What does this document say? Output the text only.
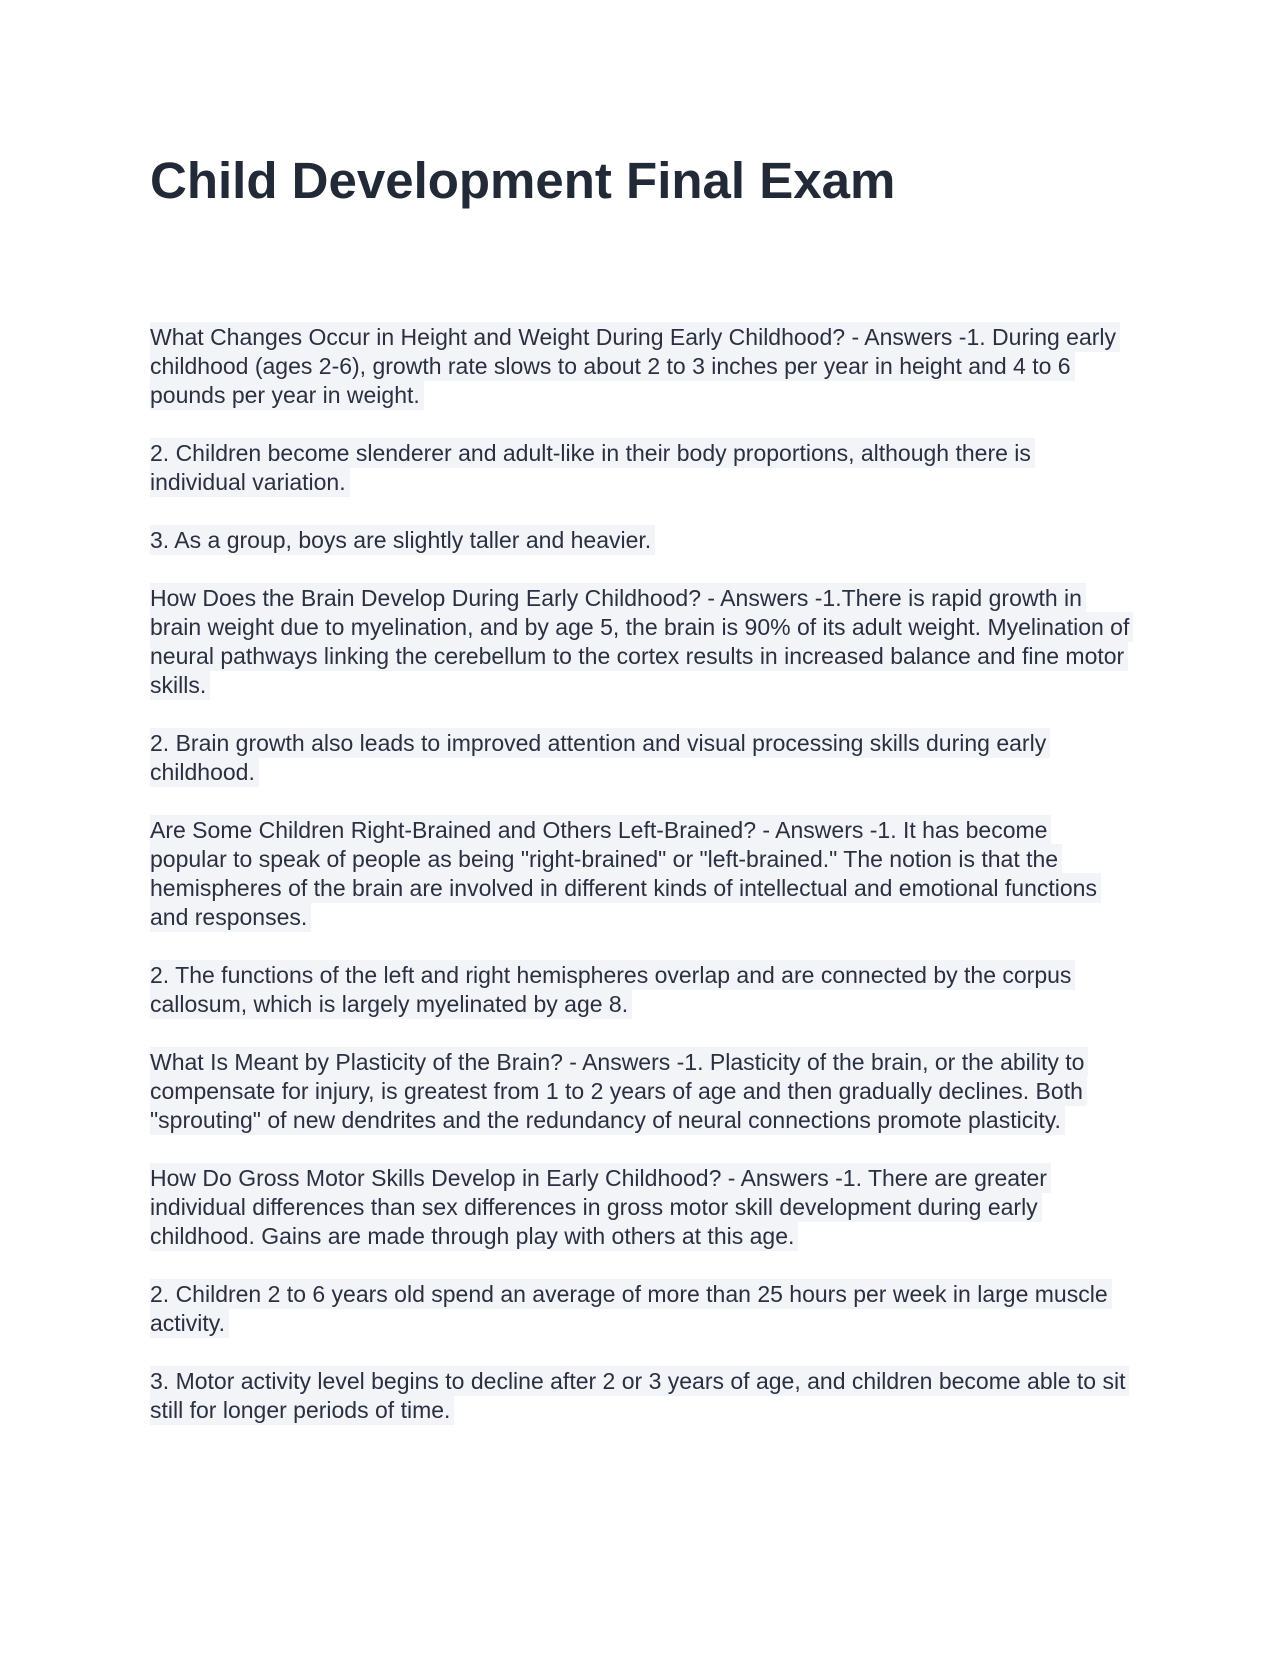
Child Development Final Exam

What Changes Occur in Height and Weight During Early Childhood? - Answers -1. During early childhood (ages 2-6), growth rate slows to about 2 to 3 inches per year in height and 4 to 6 pounds per year in weight.

2. Children become slenderer and adult-like in their body proportions, although there is individual variation.

3. As a group, boys are slightly taller and heavier.

How Does the Brain Develop During Early Childhood? - Answers -1.There is rapid growth in brain weight due to myelination, and by age 5, the brain is 90% of its adult weight. Myelination of neural pathways linking the cerebellum to the cortex results in increased balance and fine motor skills.

2. Brain growth also leads to improved attention and visual processing skills during early childhood.

Are Some Children Right-Brained and Others Left-Brained? - Answers -1. It has become popular to speak of people as being "right-brained" or "left-brained." The notion is that the hemispheres of the brain are involved in different kinds of intellectual and emotional functions and responses.

2. The functions of the left and right hemispheres overlap and are connected by the corpus callosum, which is largely myelinated by age 8.

What Is Meant by Plasticity of the Brain? - Answers -1. Plasticity of the brain, or the ability to compensate for injury, is greatest from 1 to 2 years of age and then gradually declines. Both "sprouting" of new dendrites and the redundancy of neural connections promote plasticity.

How Do Gross Motor Skills Develop in Early Childhood? - Answers -1. There are greater individual differences than sex differences in gross motor skill development during early childhood. Gains are made through play with others at this age.

2. Children 2 to 6 years old spend an average of more than 25 hours per week in large muscle activity.

3. Motor activity level begins to decline after 2 or 3 years of age, and children become able to sit still for longer periods of time.
